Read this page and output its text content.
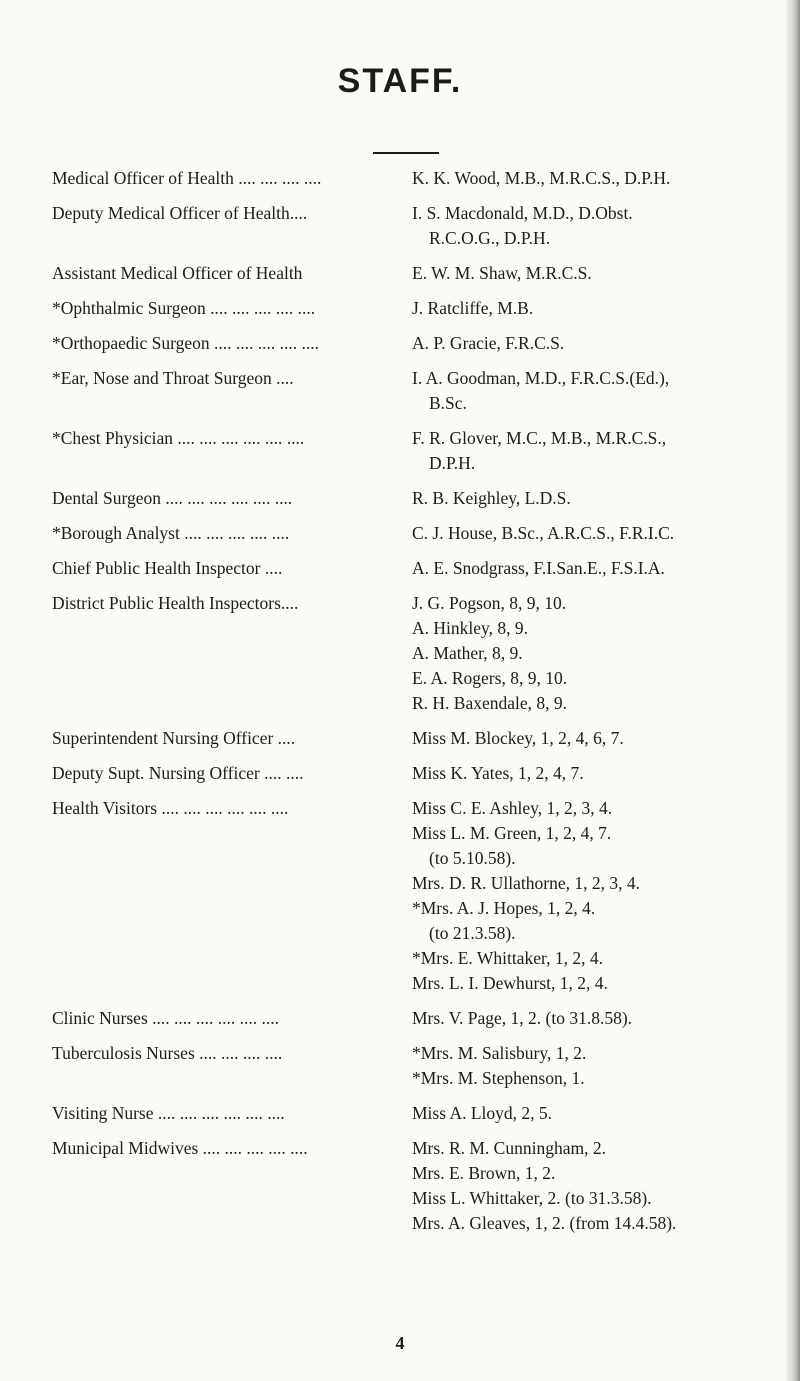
STAFF.
Medical Officer of Health .... .... .... ....	K. K. Wood, M.B., M.R.C.S., D.P.H.
Deputy Medical Officer of Health....	I. S. Macdonald, M.D., D.Obst.
R.C.O.G., D.P.H.
Assistant Medical Officer of Health	E. W. M. Shaw, M.R.C.S.
*Ophthalmic Surgeon .... .... .... .... ....	J. Ratcliffe, M.B.
*Orthopaedic Surgeon .... .... .... .... ....	A. P. Gracie, F.R.C.S.
*Ear, Nose and Throat Surgeon ....	I. A. Goodman, M.D., F.R.C.S.(Ed.),
B.Sc.
*Chest Physician .... .... .... .... .... ....	F. R. Glover, M.C., M.B., M.R.C.S.,
D.P.H.
Dental Surgeon .... .... .... .... .... ....	R. B. Keighley, L.D.S.
*Borough Analyst .... .... .... .... ....	C. J. House, B.Sc., A.R.C.S., F.R.I.C.
Chief Public Health Inspector ....	A. E. Snodgrass, F.I.San.E., F.S.I.A.
District Public Health Inspectors....	J. G. Pogson, 8, 9, 10.
A. Hinkley, 8, 9.
A. Mather, 8, 9.
E. A. Rogers, 8, 9, 10.
R. H. Baxendale, 8, 9.
Superintendent Nursing Officer ....	Miss M. Blockey, 1, 2, 4, 6, 7.
Deputy Supt. Nursing Officer .... ....	Miss K. Yates, 1, 2, 4, 7.
Health Visitors .... .... .... .... .... ....	Miss C. E. Ashley, 1, 2, 3, 4.
Miss L. M. Green, 1, 2, 4, 7.
(to 5.10.58).
Mrs. D. R. Ullathorne, 1, 2, 3, 4.
*Mrs. A. J. Hopes, 1, 2, 4.
(to 21.3.58).
*Mrs. E. Whittaker, 1, 2, 4.
Mrs. L. I. Dewhurst, 1, 2, 4.
Clinic Nurses .... .... .... .... .... ....	Mrs. V. Page, 1, 2. (to 31.8.58).
Tuberculosis Nurses .... .... .... ....	*Mrs. M. Salisbury, 1, 2.
*Mrs. M. Stephenson, 1.
Visiting Nurse .... .... .... .... .... ....	Miss A. Lloyd, 2, 5.
Municipal Midwives .... .... .... .... ....	Mrs. R. M. Cunningham, 2.
Mrs. E. Brown, 1, 2.
Miss L. Whittaker, 2. (to 31.3.58).
Mrs. A. Gleaves, 1, 2. (from 14.4.58).
4
